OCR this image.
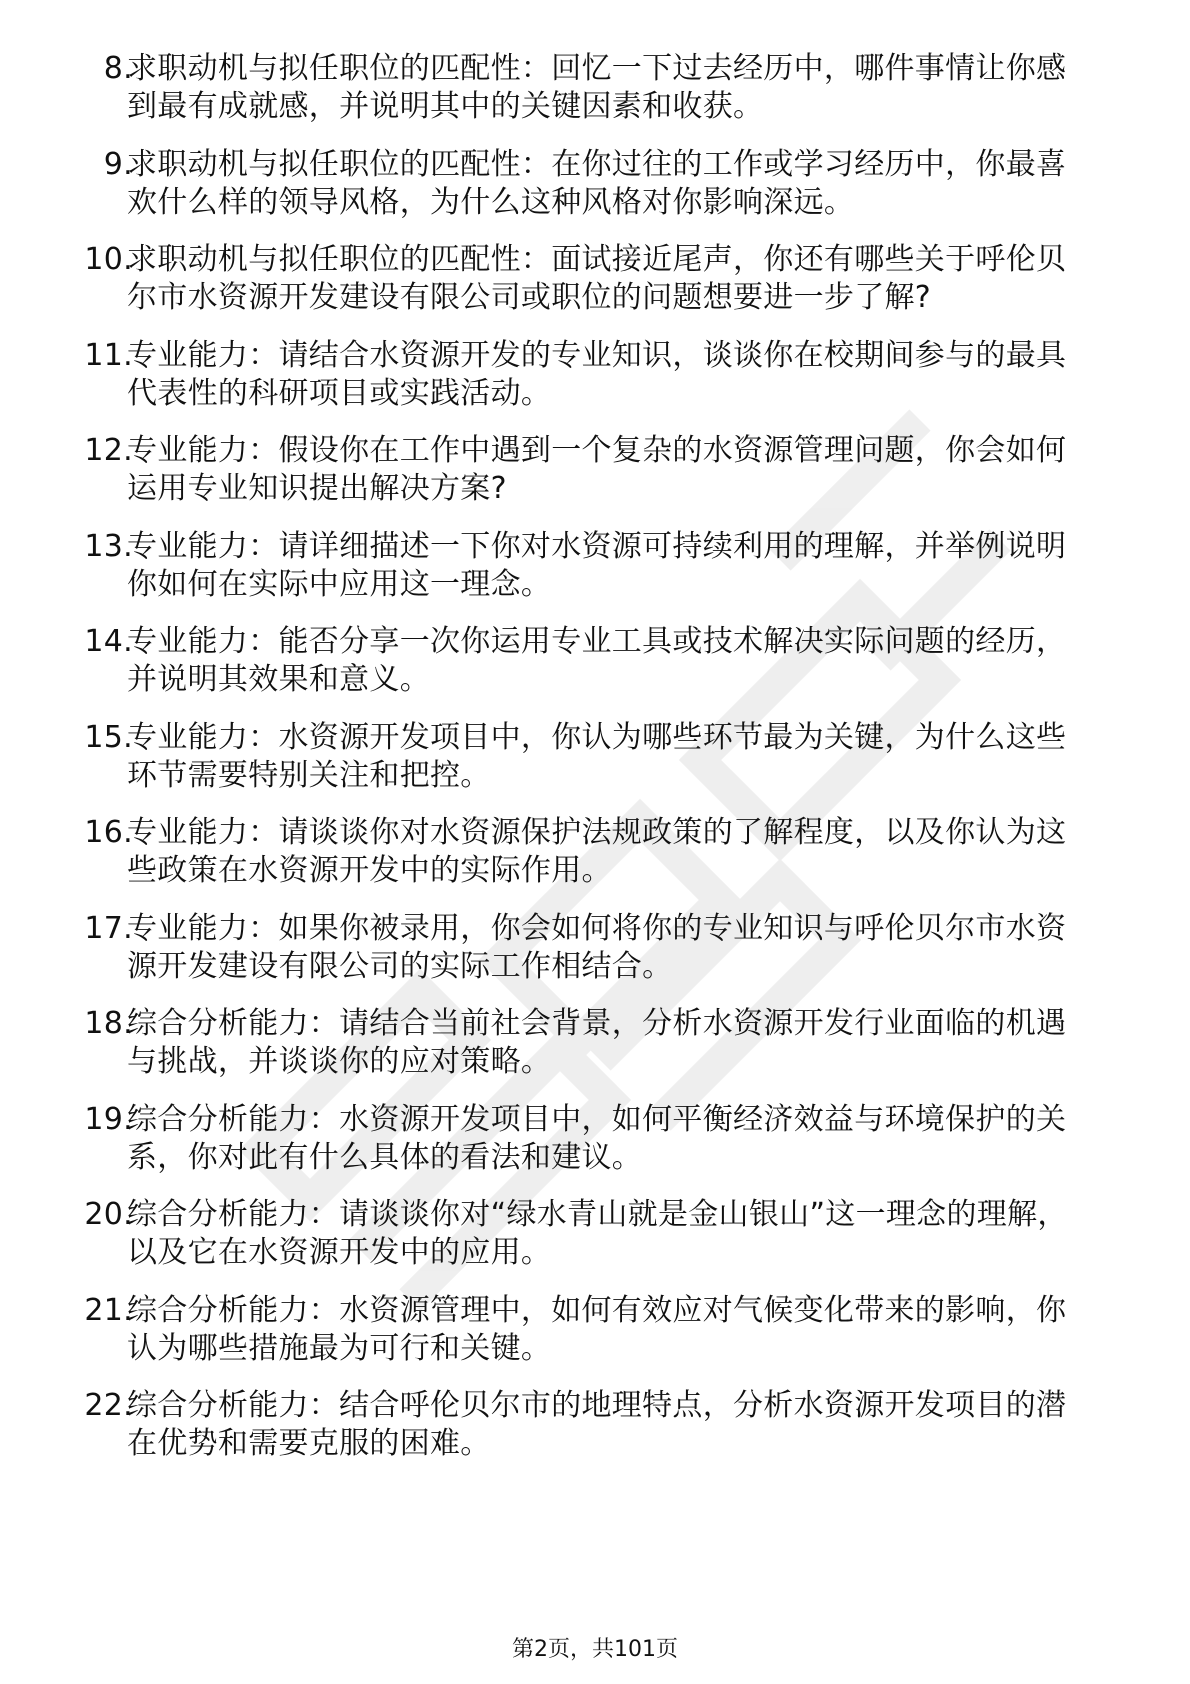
8.
求职动机与拟任职位的匹配性：回忆一下过去经历中，哪件事情让你感到最有成就感，并说明其中的关键因素和收获。
9.
求职动机与拟任职位的匹配性：在你过往的工作或学习经历中，你最喜欢什么样的领导风格，为什么这种风格对你影响深远。
10.
求职动机与拟任职位的匹配性：面试接近尾声，你还有哪些关于呼伦贝尔市水资源开发建设有限公司或职位的问题想要进一步了解?
11.
专业能力：请结合水资源开发的专业知识，谈谈你在校期间参与的最具代表性的科研项目或实践活动。
12.
专业能力：假设你在工作中遇到一个复杂的水资源管理问题，你会如何运用专业知识提出解决方案?
13.
专业能力：请详细描述一下你对水资源可持续利用的理解，并举例说明你如何在实际中应用这一理念。
14.
专业能力：能否分享一次你运用专业工具或技术解决实际问题的经历，并说明其效果和意义。
15.
专业能力：水资源开发项目中，你认为哪些环节最为关键，为什么这些环节需要特别关注和把控。
16.
专业能力：请谈谈你对水资源保护法规政策的了解程度，以及你认为这些政策在水资源开发中的实际作用。
17.
专业能力：如果你被录用，你会如何将你的专业知识与呼伦贝尔市水资源开发建设有限公司的实际工作相结合。
18.
综合分析能力：请结合当前社会背景，分析水资源开发行业面临的机遇与挑战，并谈谈你的应对策略。
19.
综合分析能力：水资源开发项目中，如何平衡经济效益与环境保护的关系，你对此有什么具体的看法和建议。
20.
综合分析能力：请谈谈你对“绿水青山就是金山银山”这一理念的理解，以及它在水资源开发中的应用。
21.
综合分析能力：水资源管理中，如何有效应对气候变化带来的影响，你认为哪些措施最为可行和关键。
22.
综合分析能力：结合呼伦贝尔市的地理特点，分析水资源开发项目的潜在优势和需要克服的困难。
第2页，共101页
